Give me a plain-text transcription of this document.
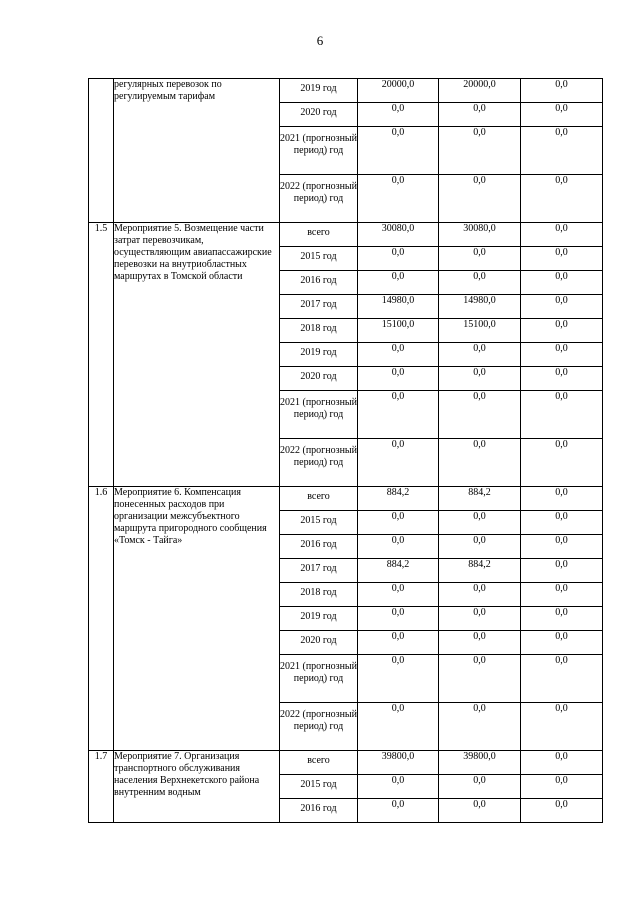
6
	регулярных перевозок по регулируемым тарифам	2019 год	20000,0	20000,0	0,0
		2020 год	0,0	0,0	0,0
		2021 (прогнозный период) год	0,0	0,0	0,0
		2022 (прогнозный период) год	0,0	0,0	0,0
1.5	Мероприятие 5. Возмещение части затрат перевозчикам, осуществляющим авиапассажирские перевозки на внутриобластных маршрутах в Томской области	всего	30080,0	30080,0	0,0
		2015 год	0,0	0,0	0,0
		2016 год	0,0	0,0	0,0
		2017 год	14980,0	14980,0	0,0
		2018 год	15100,0	15100,0	0,0
		2019 год	0,0	0,0	0,0
		2020 год	0,0	0,0	0,0
		2021 (прогнозный период) год	0,0	0,0	0,0
		2022 (прогнозный период) год	0,0	0,0	0,0
1.6	Мероприятие 6. Компенсация понесенных расходов при организации межсубъектного маршрута пригородного сообщения «Томск - Тайга»	всего	884,2	884,2	0,0
		2015 год	0,0	0,0	0,0
		2016 год	0,0	0,0	0,0
		2017 год	884,2	884,2	0,0
		2018 год	0,0	0,0	0,0
		2019 год	0,0	0,0	0,0
		2020 год	0,0	0,0	0,0
		2021 (прогнозный период) год	0,0	0,0	0,0
		2022 (прогнозный период) год	0,0	0,0	0,0
1.7	Мероприятие 7. Организация транспортного обслуживания населения Верхнекетского района внутренним водным	всего	39800,0	39800,0	0,0
		2015 год	0,0	0,0	0,0
		2016 год	0,0	0,0	0,0
